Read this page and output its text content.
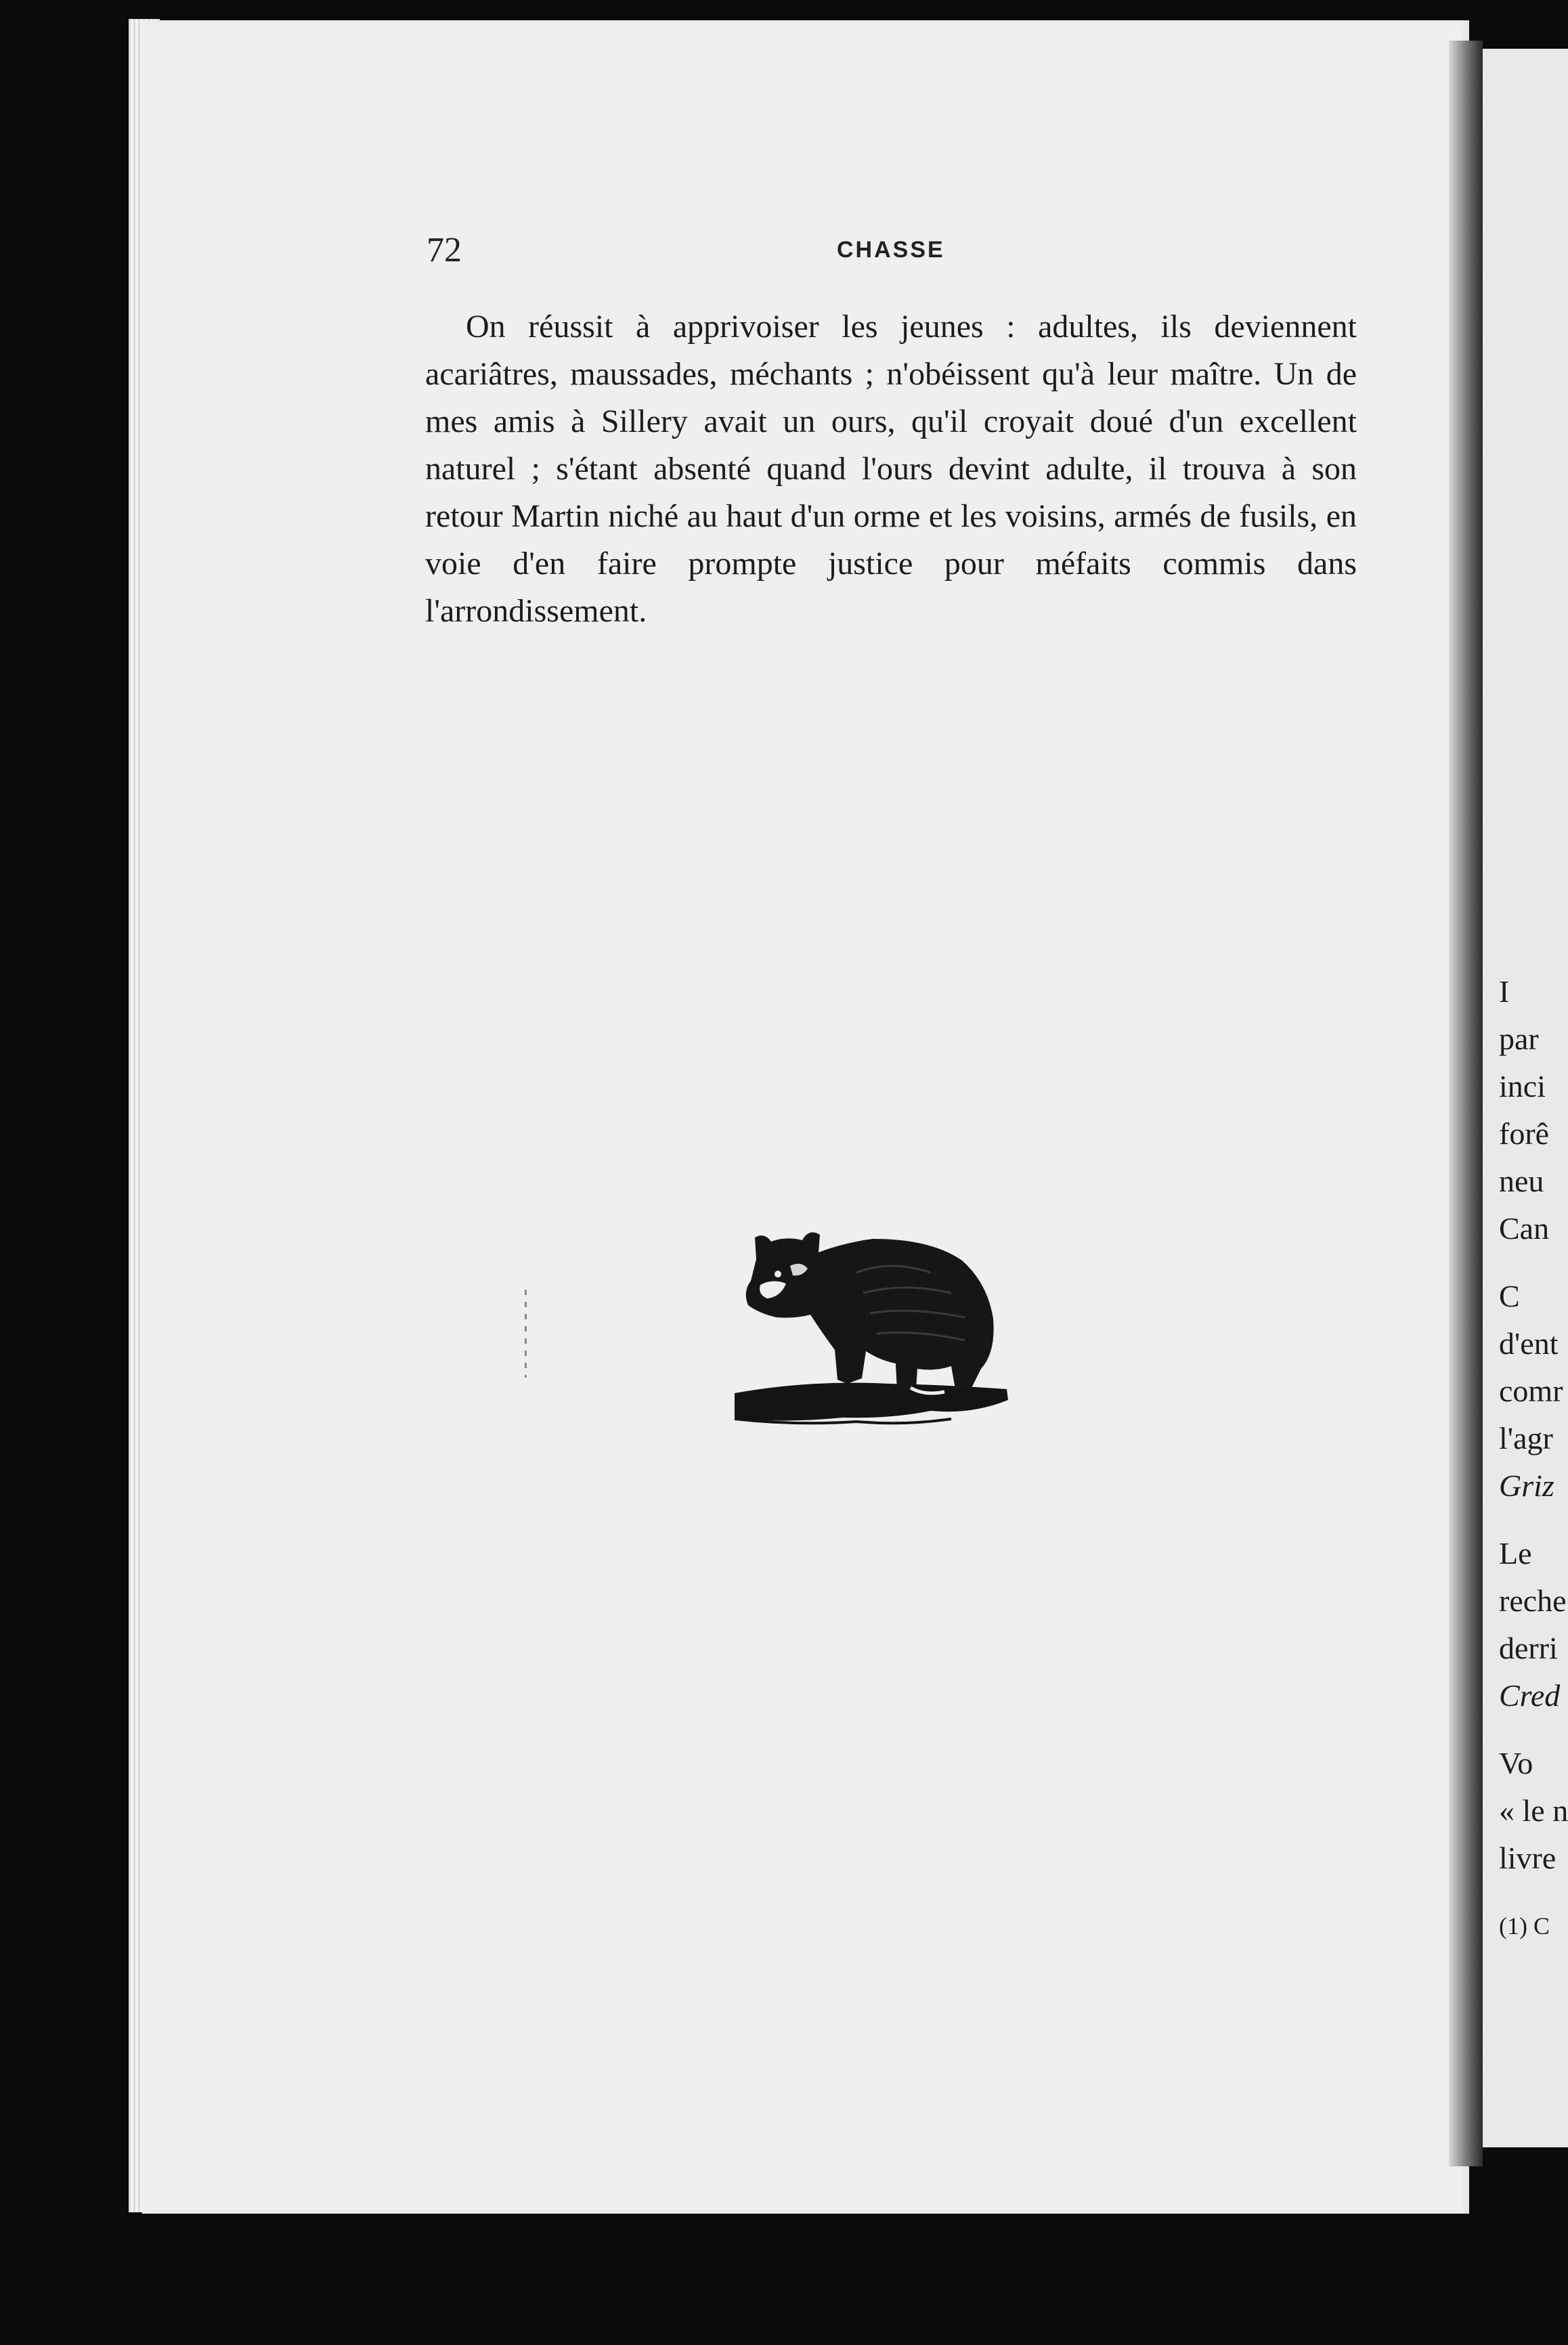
72	CHASSE

On réussit à apprivoiser les jeunes : adultes, ils deviennent acariâtres, maussades, méchants ; n'obéissent qu'à leur maître. Un de mes amis à Sillery avait un ours, qu'il croyait doué d'un excellent naturel ; s'étant absenté quand l'ours devint adulte, il trouva à son retour Martin niché au haut d'un orme et les voisins, armés de fusils, en voie d'en faire prompte justice pour méfaits commis dans l'arrondissement.

I
par
inci
forê
neu
Can
C
d'ent
comr
l'agr
Griz
Le
reche
derri
Cred
Vo
« le n
livre
(1) C
